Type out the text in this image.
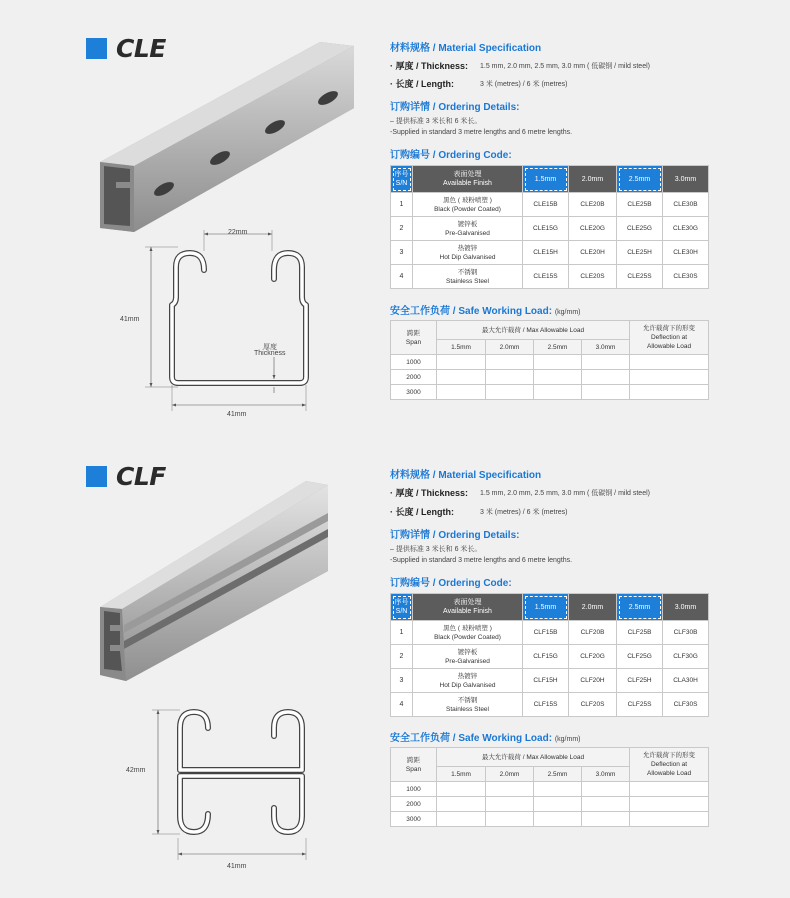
CLE
22mm
41mm
41mm
厚度
Thickness
材料规格 / Material Specification
· 厚度 / Thickness: 1.5 mm, 2.0 mm, 2.5 mm, 3.0 mm ( 低碳钢 / mild steel)
· 长度 / Length:	3 米 (metres) / 6 米 (metres)
订购详情 / Ordering Details:
– 提供标准 3 米长和 6 米长。
-Supplied in standard 3 metre lengths and 6 metre lengths.
订购编号 / Ordering Code:
序号
S/N	表面处理
Available Finish	1.5mm	2.0mm	2.5mm	3.0mm
1	黑色 ( 玻粉喷塑 )
Black (Powder Coated)	CLE15B	CLE20B	CLE25B	CLE30B
2	镀锌板
Pre-Galvanised	CLE15G	CLE20G	CLE25G	CLE30G
3	热镀锌
Hot Dip Galvanised	CLE15H	CLE20H	CLE25H	CLE30H
4	不锈钢
Stainless Steel	CLE15S	CLE20S	CLE25S	CLE30S
安全工作负荷 / Safe Working Load: (kg/mm)
跨距
Span	最大允许载荷 / Max Allowable Load				允许载荷下的形变
Deflection at
Allowable Load
	1.5mm	2.0mm	2.5mm	3.0mm	
1000					
2000					
3000					
CLF
42mm
41mm
材料规格 / Material Specification
· 厚度 / Thickness: 1.5 mm, 2.0 mm, 2.5 mm, 3.0 mm ( 低碳钢 / mild steel)
· 长度 / Length:	3 米 (metres) / 6 米 (metres)
订购详情 / Ordering Details:
– 提供标准 3 米长和 6 米长。
-Supplied in standard 3 metre lengths and 6 metre lengths.
订购编号 / Ordering Code:
序号
S/N	表面处理
Available Finish	1.5mm	2.0mm	2.5mm	3.0mm
1	黑色 ( 玻粉喷塑 )
Black (Powder Coated)	CLF15B	CLF20B	CLF25B	CLF30B
2	镀锌板
Pre-Galvanised	CLF15G	CLF20G	CLF25G	CLF30G
3	热镀锌
Hot Dip Galvanised	CLF15H	CLF20H	CLF25H	CLA30H
4	不锈钢
Stainless Steel	CLF15S	CLF20S	CLF25S	CLF30S
安全工作负荷 / Safe Working Load: (kg/mm)
跨距
Span	最大允许载荷 / Max Allowable Load				允许载荷下的形变
Deflection at
Allowable Load
	1.5mm	2.0mm	2.5mm	3.0mm	
1000					
2000					
3000					
